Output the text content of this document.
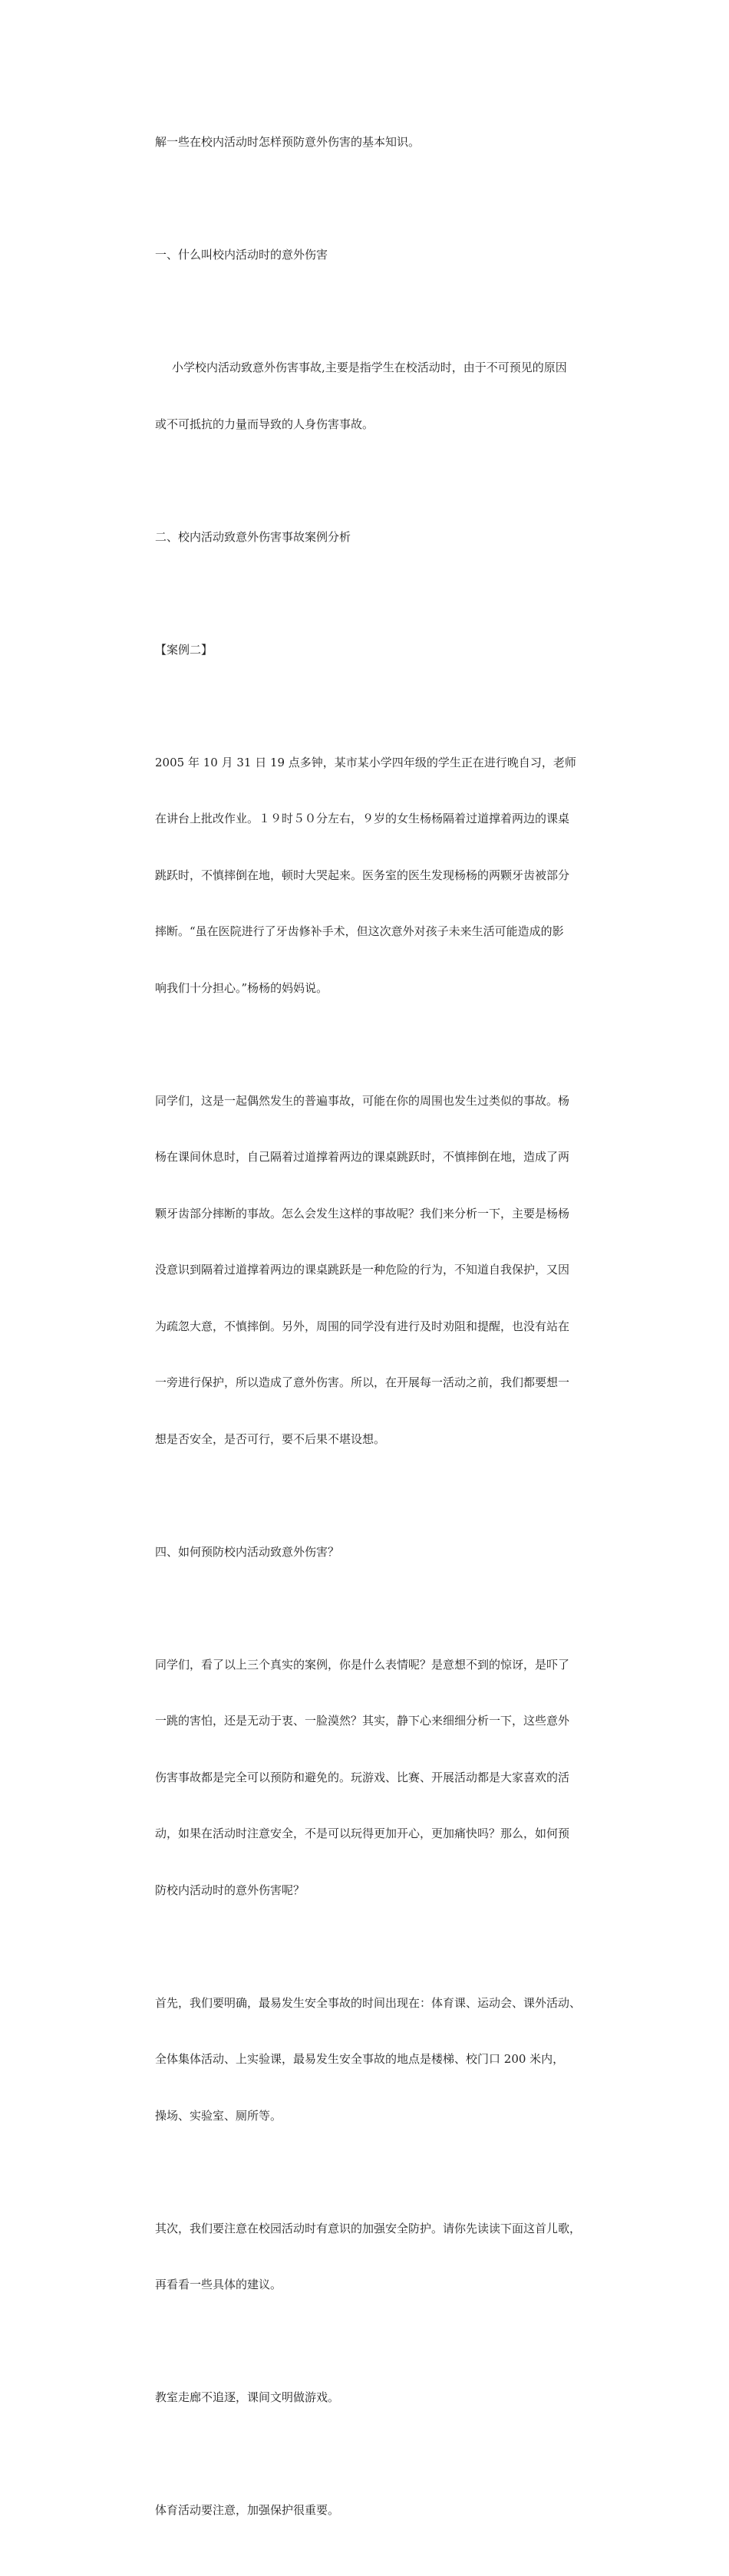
解一些在校内活动时怎样预防意外伤害的基本知识。

一、什么叫校内活动时的意外伤害

小学校内活动致意外伤害事故,主要是指学生在校活动时，由于不可预见的原因

或不可抵抗的力量而导致的人身伤害事故。

二、校内活动致意外伤害事故案例分析

【案例二】

2005 年 10 月 31 日 19 点多钟，某市某小学四年级的学生正在进行晚自习，老师

在讲台上批改作业。１９时５０分左右，９岁的女生杨杨隔着过道撑着两边的课桌

跳跃时，不慎摔倒在地，顿时大哭起来。医务室的医生发现杨杨的两颗牙齿被部分

摔断。“虽在医院进行了牙齿修补手术，但这次意外对孩子未来生活可能造成的影

响我们十分担心。”杨杨的妈妈说。

同学们，这是一起偶然发生的普遍事故，可能在你的周围也发生过类似的事故。杨

杨在课间休息时，自己隔着过道撑着两边的课桌跳跃时，不慎摔倒在地，造成了两

颗牙齿部分摔断的事故。怎么会发生这样的事故呢？我们来分析一下，主要是杨杨

没意识到隔着过道撑着两边的课桌跳跃是一种危险的行为，不知道自我保护，又因

为疏忽大意，不慎摔倒。另外，周围的同学没有进行及时劝阻和提醒，也没有站在

一旁进行保护，所以造成了意外伤害。所以，在开展每一活动之前，我们都要想一

想是否安全，是否可行，要不后果不堪设想。

四、如何预防校内活动致意外伤害？

同学们，看了以上三个真实的案例，你是什么表情呢？是意想不到的惊讶，是吓了

一跳的害怕，还是无动于衷、一脸漠然？其实，静下心来细细分析一下，这些意外

伤害事故都是完全可以预防和避免的。玩游戏、比赛、开展活动都是大家喜欢的活

动，如果在活动时注意安全，不是可以玩得更加开心，更加痛快吗？那么，如何预

防校内活动时的意外伤害呢？

首先，我们要明确，最易发生安全事故的时间出现在：体育课、运动会、课外活动、

全体集体活动、上实验课，最易发生安全事故的地点是楼梯、校门口 200 米内，

操场、实验室、厕所等。

其次，我们要注意在校园活动时有意识的加强安全防护。请你先读读下面这首儿歌，

再看看一些具体的建议。

教室走廊不追逐，课间文明做游戏。

体育活动要注意，加强保护很重要。
